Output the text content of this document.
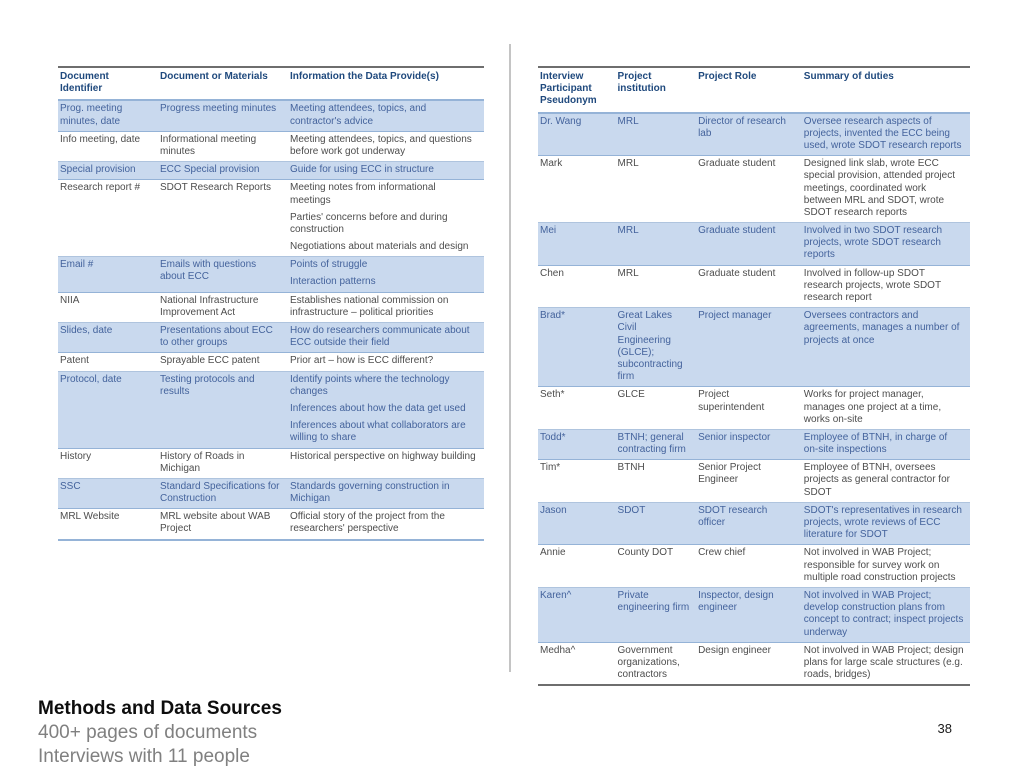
Document Identifier	Document or Materials	Information the Data Provide(s)
Prog. meeting minutes, date	Progress meeting minutes	Meeting attendees, topics, and contractor's advice

Info meeting, date	Informational meeting minutes	Meeting attendees, topics, and questions before work got underway

Special provision	ECC Special provision	Guide for using ECC in structure

Research report #	SDOT Research Reports	Meeting notes from informational meetings
Parties' concerns before and during construction
Negotiations about materials and design

Email #	Emails with questions about ECC	Points of struggle
Interaction patterns

NIIA	National Infrastructure Improvement Act	Establishes national commission on infrastructure – political priorities

Slides, date	Presentations about ECC to other groups	How do researchers communicate about ECC outside their field

Patent	Sprayable ECC patent	Prior art – how is ECC different?

Protocol, date	Testing protocols and results	Identify points where the technology changes
Inferences about how the data get used
Inferences about what collaborators are willing to share

History	History of Roads in Michigan	Historical perspective on highway building

SSC	Standard Specifications for Construction	Standards governing construction in Michigan

MRL Website	MRL website about WAB Project	Official story of the project from the researchers' perspective
Interview Participant Pseudonym	Project institution	Project Role	Summary of duties
Dr. Wang	MRL	Director of research lab	Oversee research aspects of projects, invented the ECC being used, wrote SDOT research reports
Mark	MRL	Graduate student	Designed link slab, wrote ECC special provision, attended project meetings, coordinated work between MRL and SDOT, wrote SDOT research reports
Mei	MRL	Graduate student	Involved in two SDOT research projects, wrote SDOT research reports
Chen	MRL	Graduate student	Involved in follow-up SDOT research projects, wrote SDOT research report
Brad*	Great Lakes Civil Engineering (GLCE); subcontracting firm	Project manager	Oversees contractors and agreements, manages a number of projects at once
Seth*	GLCE	Project superintendent	Works for project manager, manages one project at a time, works on-site
Todd*	BTNH; general contracting firm	Senior inspector	Employee of BTNH, in charge of on-site inspections
Tim*	BTNH	Senior Project Engineer	Employee of BTNH, oversees projects as general contractor for SDOT
Jason	SDOT	SDOT research officer	SDOT's representatives in research projects, wrote reviews of ECC literature for SDOT
Annie	County DOT	Crew chief	Not involved in WAB Project; responsible for survey work on multiple road construction projects
Karen^	Private engineering firm	Inspector, design engineer	Not involved in WAB Project; develop construction plans from concept to contract; inspect projects underway
Medha^	Government organizations, contractors	Design engineer	Not involved in WAB Project; design plans for large scale structures (e.g. roads, bridges)
Methods and Data Sources
400+ pages of documents
Interviews with 11 people
38
